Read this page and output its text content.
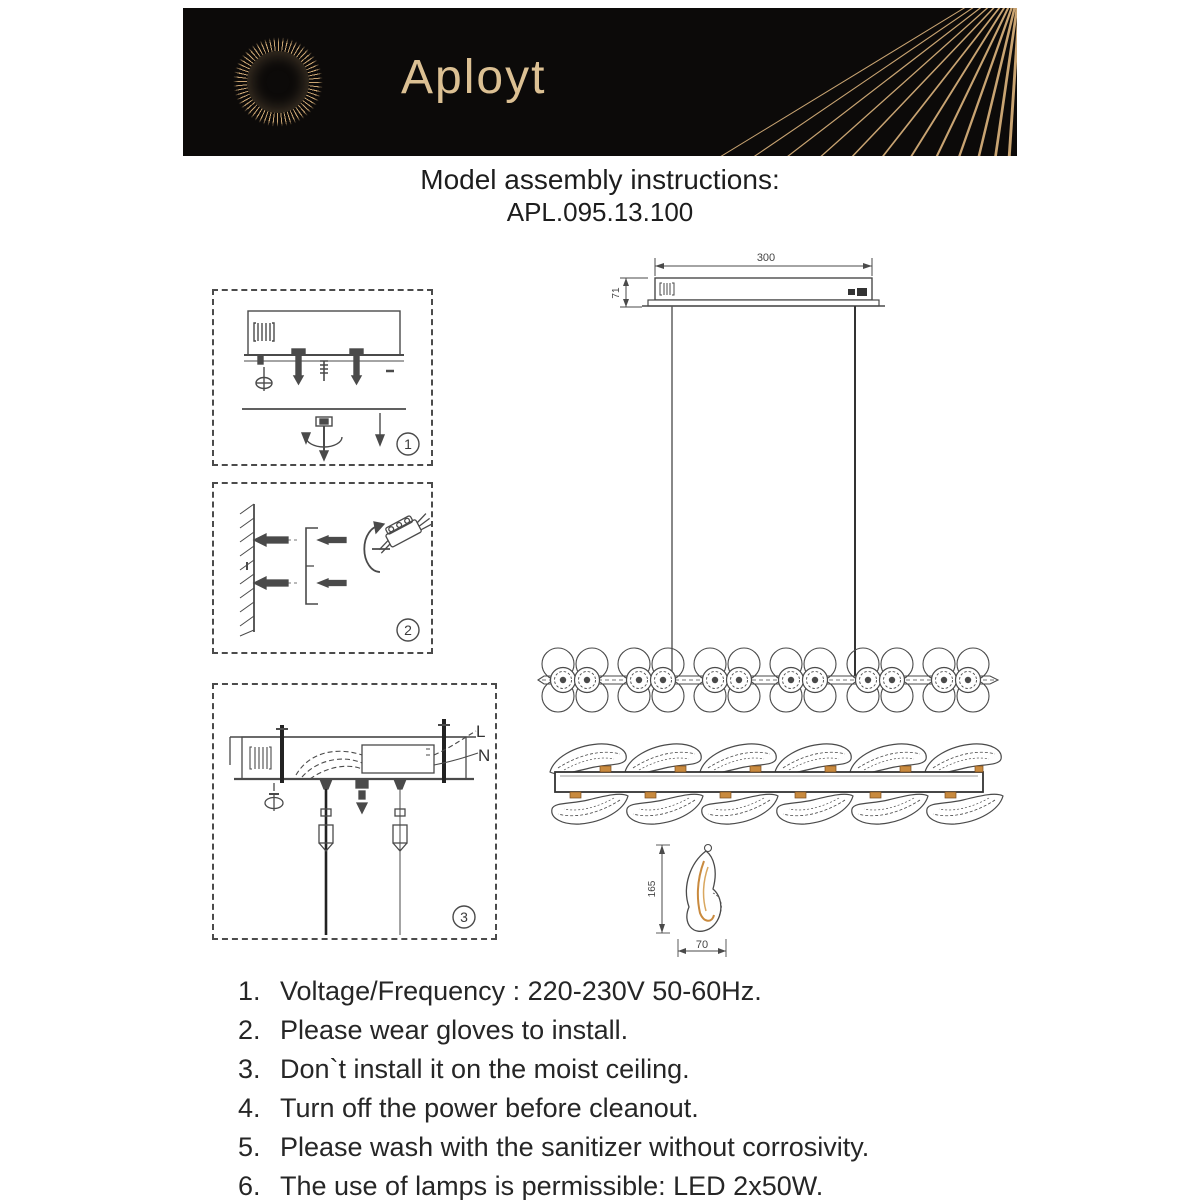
Aployt
Model assembly instructions:
APL.095.13.100
1
2
L
N
3
300
71
165
70
1. Voltage/Frequency : 220-230V 50-60Hz.
2. Please wear gloves to install.
3. Don`t install it on the moist ceiling.
4. Turn off the power before cleanout.
5. Please wash with the sanitizer without corrosivity.
6. The use of lamps is permissible: LED 2x50W.
